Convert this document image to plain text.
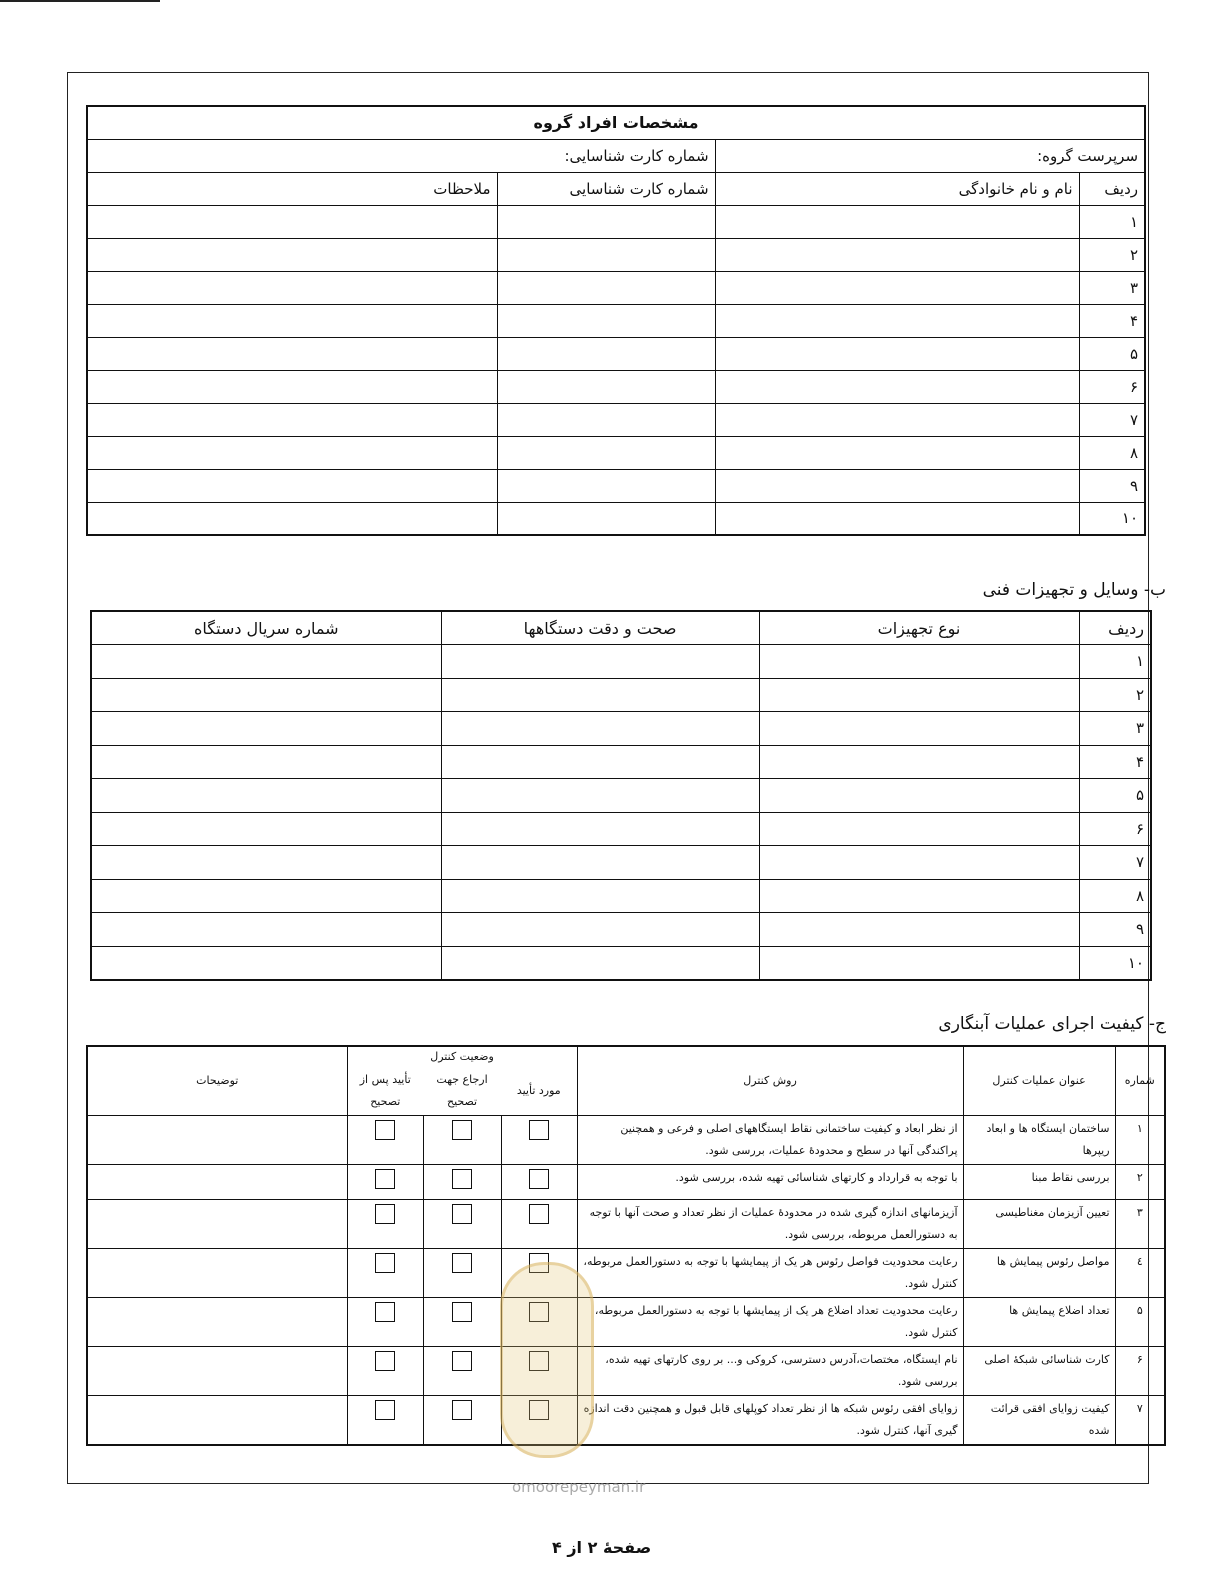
مشخصات افراد گروه			
سرپرست گروه:		شماره کارت شناسایی:	
ردیف	نام و نام خانوادگی	شماره کارت شناسایی	ملاحظات
۱			
۲			
۳			
۴			
۵			
۶			
۷			
۸			
۹			
۱۰			
ب- وسایل و تجهیزات فنی
ردیف	نوع تجهیزات	صحت و دقت دستگاهها	شماره سریال دستگاه
۱			
۲			
۳			
۴			
۵			
۶			
۷			
۸			
۹			
۱۰			
ج- کیفیت اجرای عملیات آبنگاری
شماره	عنوان عملیات کنترل	روش کنترل	وضعیت کنترل			توضیحات
			مورد تأیید	ارجاع جهت تصحیح	تأیید پس از تصحیح	
۱	ساختمان ایستگاه ها و ابعاد ریپرها	از نظر ابعاد و کیفیت ساختمانی نقاط ایستگاههای اصلی و فرعی و همچنین پراکندگی آنها در سطح و محدودهٔ عملیات، بررسی شود.				
۲	بررسی نقاط مبنا	با توجه به قرارداد و کارتهای شناسائی تهیه شده، بررسی شود.				
۳	تعیین آزیزمان مغناطیسی	آزیزمانهای اندازه گیری شده در محدودهٔ عملیات از نظر تعداد و صحت آنها با توجه به دستورالعمل مربوطه، بررسی شود.				
٤	مواصل رئوس پیمایش ها	رعایت محدودیت فواصل رئوس هر یک از پیمایشها با توجه به دستورالعمل مربوطه، کنترل شود.				
۵	تعداد اضلاع پیمایش ها	رعایت محدودیت تعداد اضلاع هر یک از پیمایشها با توجه به دستورالعمل مربوطه، کنترل شود.				
۶	کارت شناسائی شبکهٔ اصلی	نام ایستگاه، مختصات،آدرس دسترسی، کروکی و... بر روی کارتهای تهیه شده، بررسی شود.				
۷	کیفیت زوایای افقی قرائت شده	زوایای افقی رئوس شبکه ها از نظر تعداد کوپلهای قابل قبول و همچنین دقت اندازه گیری آنها، کنترل شود.				
omoorepeyman.ir
صفحهٔ ۲ از ۴
